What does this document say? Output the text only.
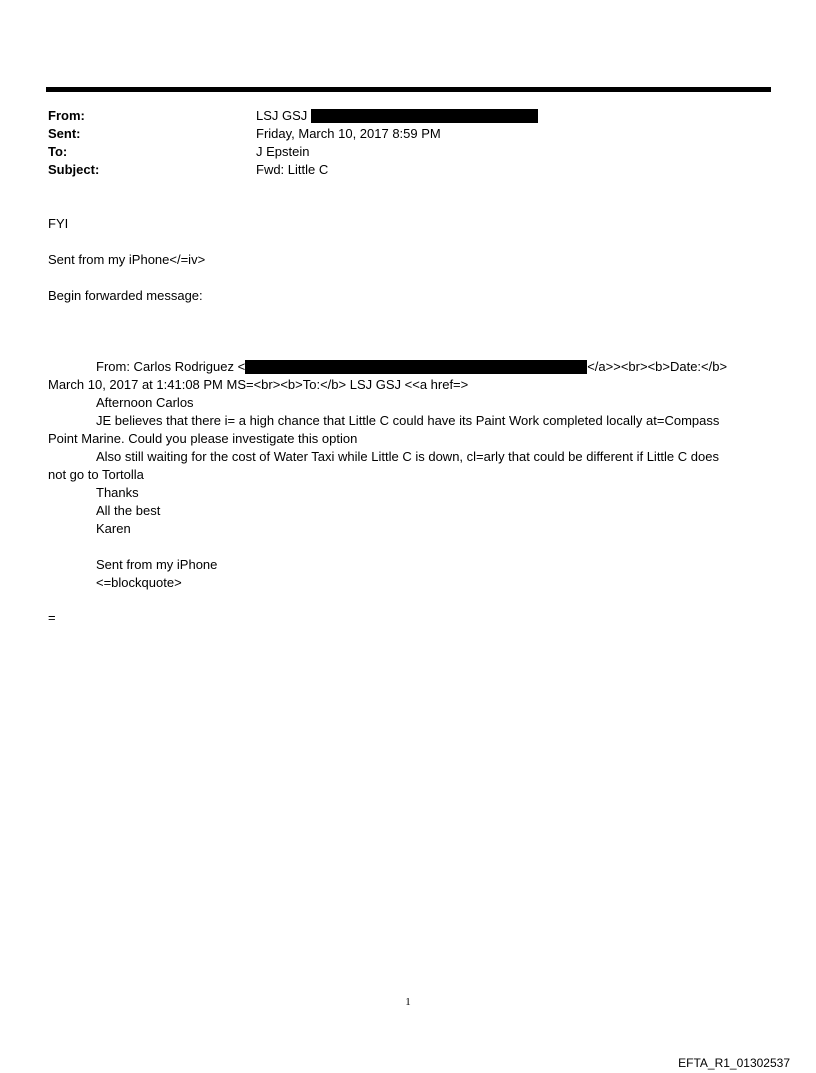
From:	LSJ GSJ
Sent:	Friday, March 10, 2017 8:59 PM
To:	J Epstein
Subject:	Fwd: Little C
FYI
Sent from my iPhone</=iv>
Begin forwarded message:
From: Carlos Rodriguez <	</a>><br><b>Date:</b>
March 10, 2017 at 1:41:08 PM MS=<br><b>To:</b> LSJ GSJ <<a href=>
Afternoon Carlos
JE believes that there i= a high chance that Little C could have its Paint Work completed locally at=Compass
Point Marine. Could you please investigate this option
Also still waiting for the cost of Water Taxi while Little C is down, cl=arly that could be different if Little C does
not go to Tortolla
Thanks
All the best
Karen
Sent from my iPhone
<=blockquote>
=
1
EFTA_R1_01302537
